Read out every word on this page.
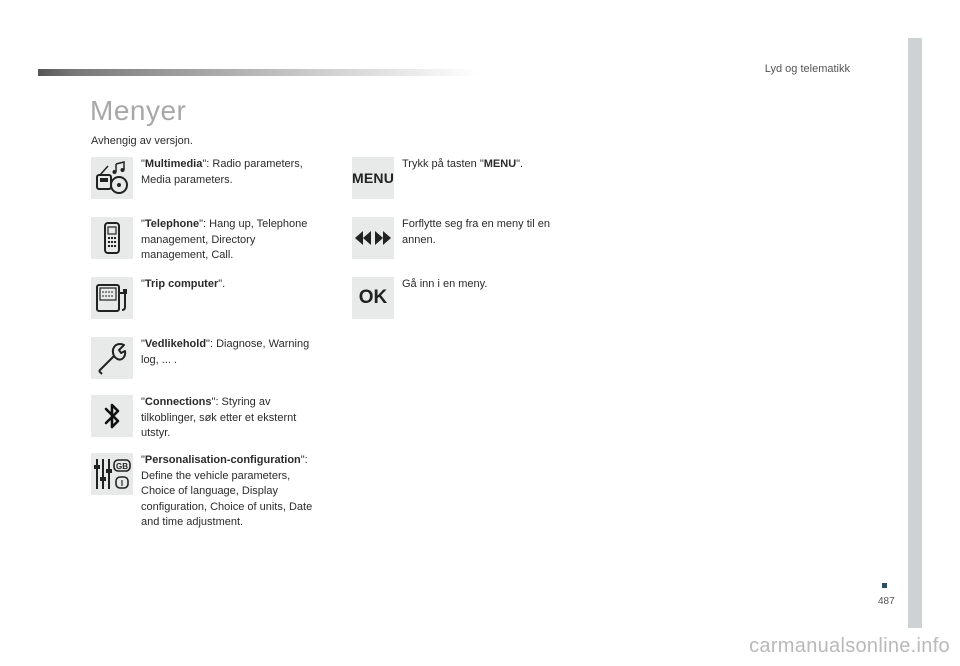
Lyd og telematikk
487
Menyer
Avhengig av versjon.
"Multimedia": Radio parameters, Media parameters.
"Telephone": Hang up, Telephone management, Directory management, Call.
"Trip computer".
"Vedlikehold": Diagnose, Warning log, ... .
"Connections": Styring av tilkoblinger, søk etter et eksternt utstyr.
GB
I
"Personalisation-configuration": Define the vehicle parameters, Choice of language, Display configuration, Choice of units, Date and time adjustment.
MENU
Trykk på tasten "MENU".
Forflytte seg fra en meny til en annen.
OK
Gå inn i en meny.
carmanualsonline.info
